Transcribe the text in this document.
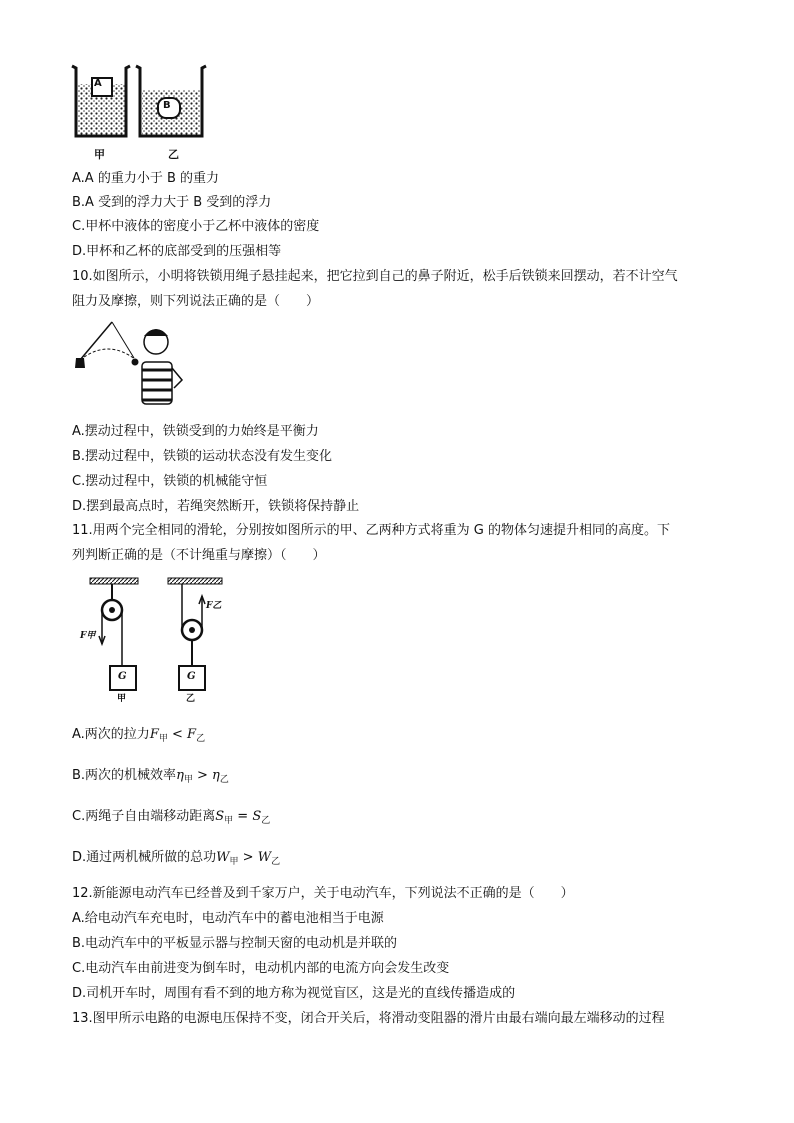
A
B
甲	乙
A.A 的重力小于 B 的重力
B.A 受到的浮力大于 B 受到的浮力
C.甲杯中液体的密度小于乙杯中液体的密度
D.甲杯和乙杯的底部受到的压强相等
10.如图所示，小明将铁锁用绳子悬挂起来，把它拉到自己的鼻子附近，松手后铁锁来回摆动，若不计空气
阻力及摩擦，则下列说法正确的是（　　）
A.摆动过程中，铁锁受到的力始终是平衡力
B.摆动过程中，铁锁的运动状态没有发生变化
C.摆动过程中，铁锁的机械能守恒
D.摆到最高点时，若绳突然断开，铁锁将保持静止
11.用两个完全相同的滑轮，分别按如图所示的甲、乙两种方式将重为 G 的物体匀速提升相同的高度。下
列判断正确的是（不计绳重与摩擦）（　　）
F甲
F乙
G	G
甲	乙
A.两次的拉力$F_甲 < F_乙$
B.两次的机械效率$\eta_甲 > \eta_乙$
C.两绳子自由端移动距离$S_甲 = S_乙$
D.通过两机械所做的总功$W_甲 > W_乙$
12.新能源电动汽车已经普及到千家万户，关于电动汽车，下列说法不正确的是（　　）
A.给电动汽车充电时，电动汽车中的蓄电池相当于电源
B.电动汽车中的平板显示器与控制天窗的电动机是并联的
C.电动汽车由前进变为倒车时，电动机内部的电流方向会发生改变
D.司机开车时，周围有看不到的地方称为视觉盲区，这是光的直线传播造成的
13.图甲所示电路的电源电压保持不变，闭合开关后，将滑动变阻器的滑片由最右端向最左端移动的过程
